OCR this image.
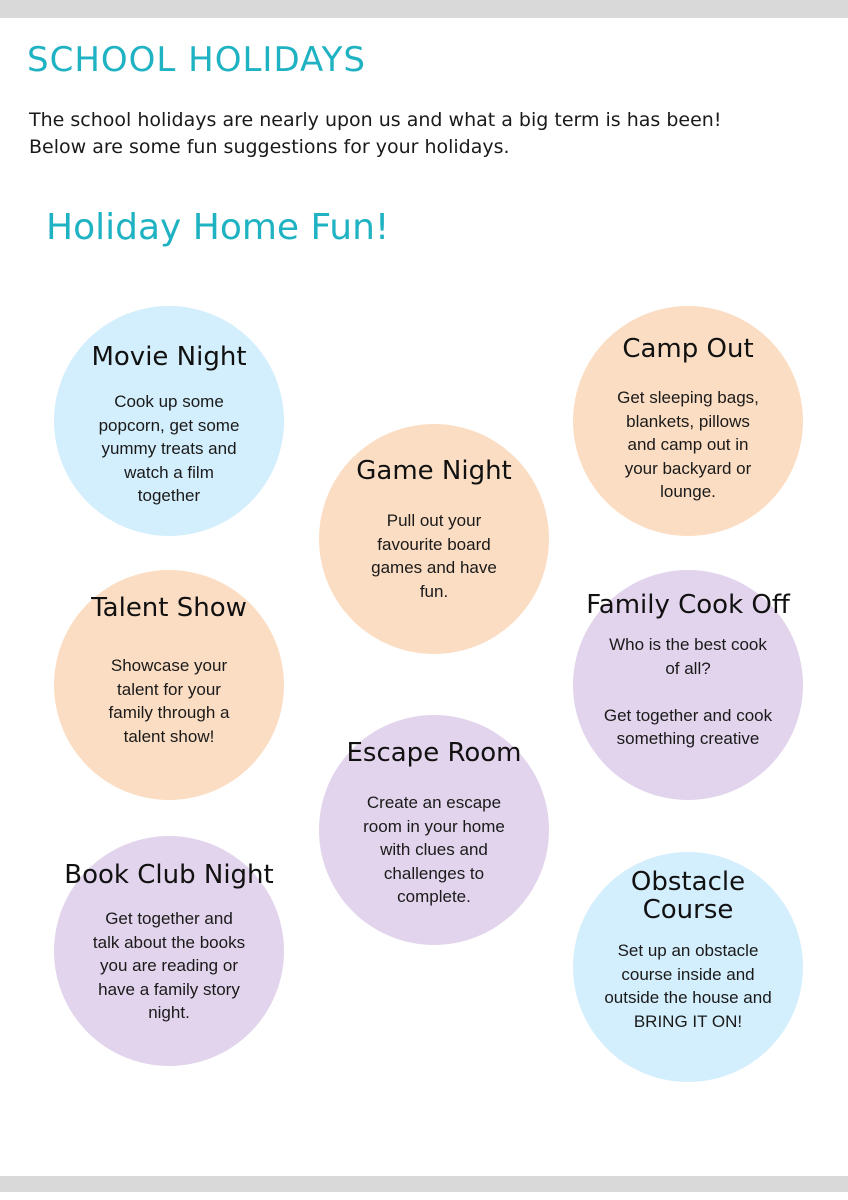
SCHOOL HOLIDAYS

The school holidays are nearly upon us and what a big term is has been!
Below are some fun suggestions for your holidays.

Holiday Home Fun!
Movie Night
Cook up some
popcorn, get some
yummy treats and
watch a film
together
Camp Out
Get sleeping bags,
blankets, pillows
and camp out in
your backyard or
lounge.
Game Night
Pull out your
favourite board
games and have
fun.
Talent Show
Showcase your
talent for your
family through a
talent show!
Family Cook Off
Who is the best cook
of all?
Get together and cook
something creative
Escape Room
Create an escape
room in your home
with clues and
challenges to
complete.
Book Club Night
Get together and
talk about the books
you are reading or
have a family story
night.
Obstacle
Course
Set up an obstacle
course inside and
outside the house and
BRING IT ON!
